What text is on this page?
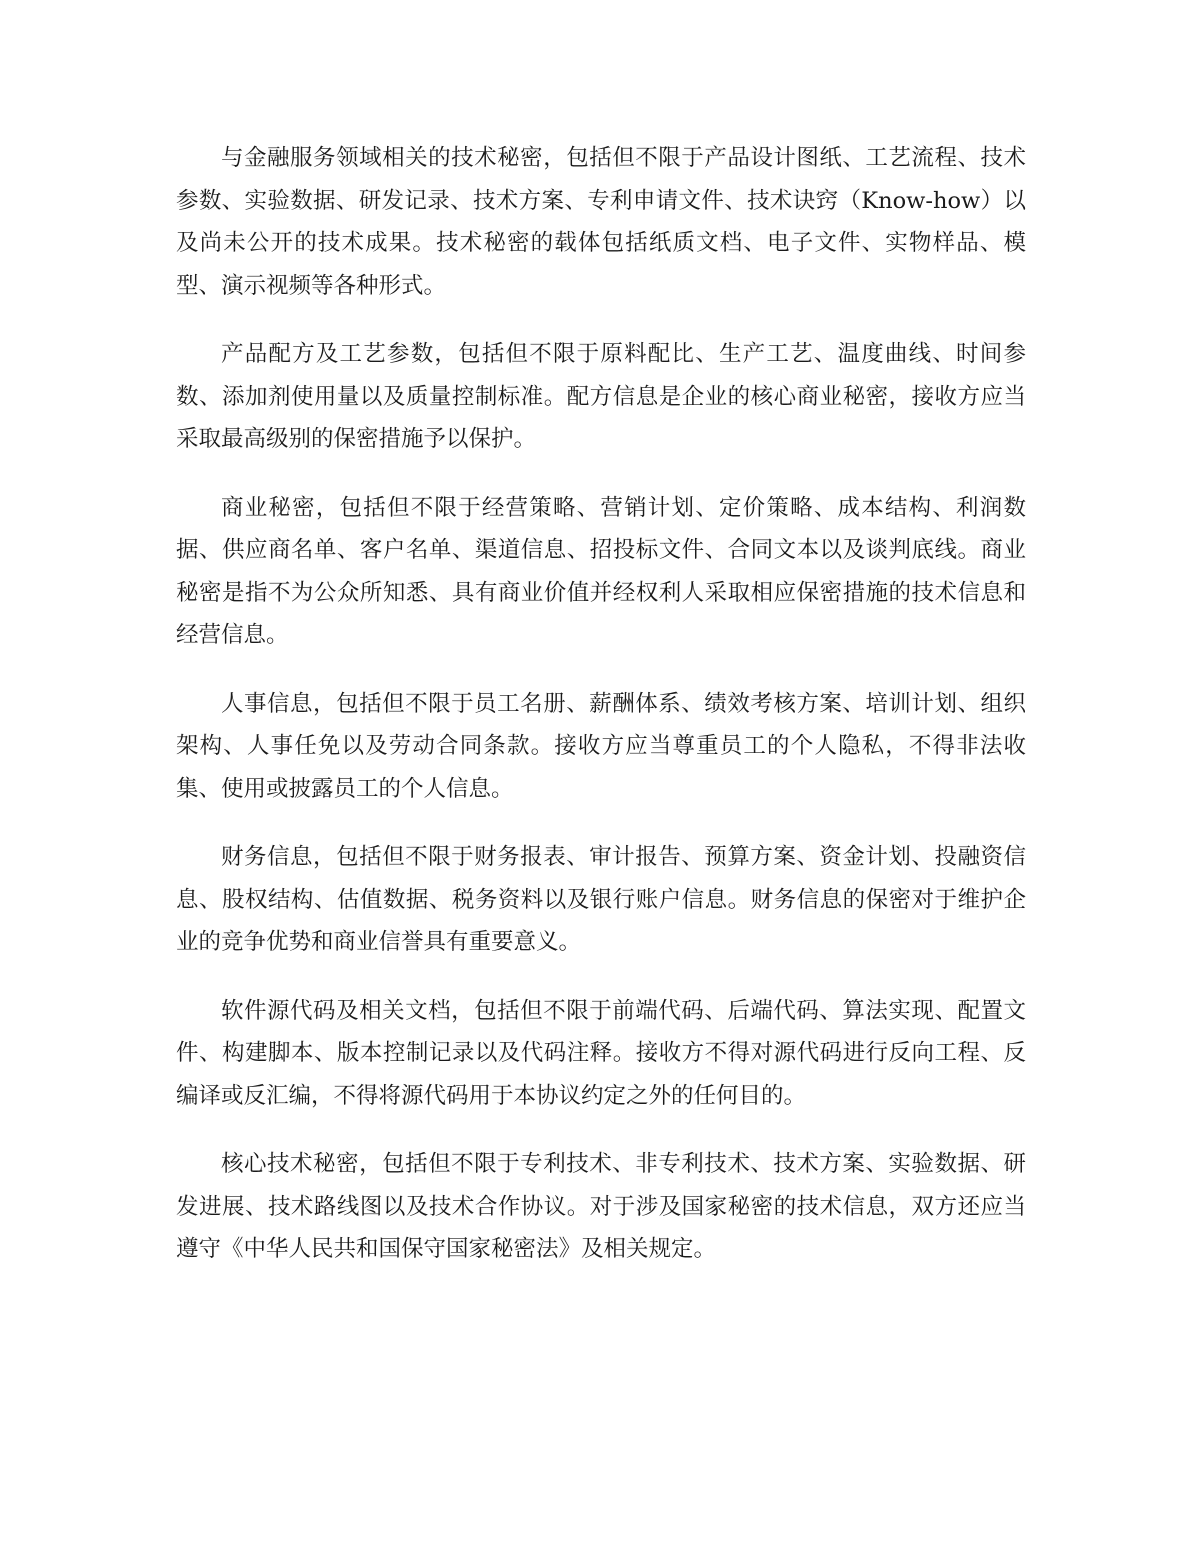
与金融服务领域相关的技术秘密，包括但不限于产品设计图纸、工艺流程、技术参数、实验数据、研发记录、技术方案、专利申请文件、技术诀窍（Know-how）以及尚未公开的技术成果。技术秘密的载体包括纸质文档、电子文件、实物样品、模型、演示视频等各种形式。

产品配方及工艺参数，包括但不限于原料配比、生产工艺、温度曲线、时间参数、添加剂使用量以及质量控制标准。配方信息是企业的核心商业秘密，接收方应当采取最高级别的保密措施予以保护。

商业秘密，包括但不限于经营策略、营销计划、定价策略、成本结构、利润数据、供应商名单、客户名单、渠道信息、招投标文件、合同文本以及谈判底线。商业秘密是指不为公众所知悉、具有商业价值并经权利人采取相应保密措施的技术信息和经营信息。

人事信息，包括但不限于员工名册、薪酬体系、绩效考核方案、培训计划、组织架构、人事任免以及劳动合同条款。接收方应当尊重员工的个人隐私，不得非法收集、使用或披露员工的个人信息。

财务信息，包括但不限于财务报表、审计报告、预算方案、资金计划、投融资信息、股权结构、估值数据、税务资料以及银行账户信息。财务信息的保密对于维护企业的竞争优势和商业信誉具有重要意义。

软件源代码及相关文档，包括但不限于前端代码、后端代码、算法实现、配置文件、构建脚本、版本控制记录以及代码注释。接收方不得对源代码进行反向工程、反编译或反汇编，不得将源代码用于本协议约定之外的任何目的。

核心技术秘密，包括但不限于专利技术、非专利技术、技术方案、实验数据、研发进展、技术路线图以及技术合作协议。对于涉及国家秘密的技术信息，双方还应当遵守《中华人民共和国保守国家秘密法》及相关规定。
